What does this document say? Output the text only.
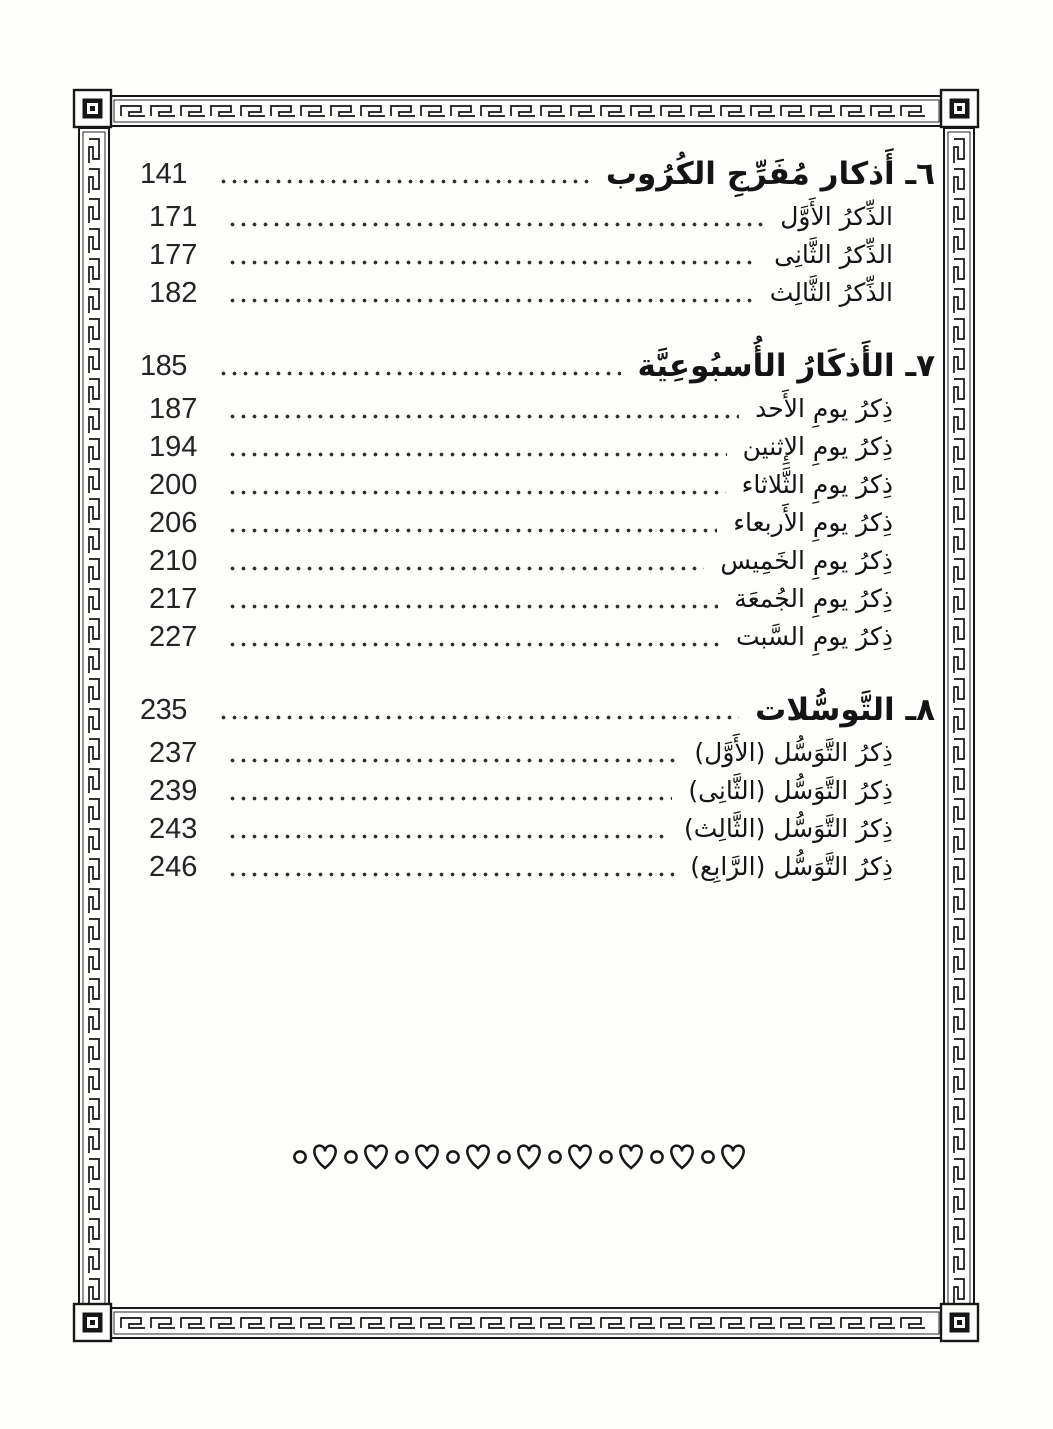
٦ـ أَذكار مُفَرِّجِ الكُرُوب
141
الذِّكرُ الأَوَّل
171
الذِّكرُ الثَّانِى
177
الذِّكرُ الثَّالِث
182
٧ـ الأَذكَارُ الأُسبُوعِيَّة
185
ذِكرُ يومِ الأَحد
187
ذِكرُ يومِ الإِثنين
194
ذِكرُ يومِ الثَّلاثاء
200
ذِكرُ يومِ الأَربعاء
206
ذِكرُ يومِ الخَمِيس
210
ذِكرُ يومِ الجُمعَة
217
ذِكرُ يومِ السَّبت
227
٨ـ التَّوسُّلات
235
ذِكرُ التَّوَسُّل (الأَوَّل)
237
ذِكرُ التَّوَسُّل (الثَّانِى)
239
ذِكرُ التَّوَسُّل (الثَّالِث)
243
ذِكرُ التَّوَسُّل (الرَّابِع)
246
